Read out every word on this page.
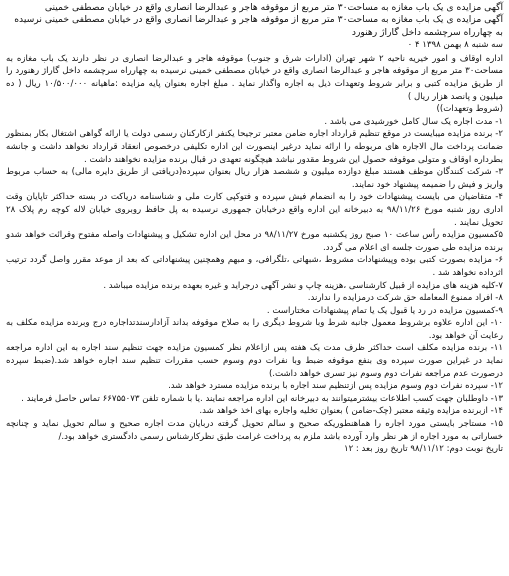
آگهی مزایده ی یک باب مغازه به مساحت۳۰ متر مربع از موقوفه هاجر و عبدالرضا انصاری واقع در خیابان مصطفی خمینی
آگهی مزایده ی یک باب مغازه به مساحت۳۰ متر مربع از موقوفه هاجر و عبدالرضا انصاری واقع در خیابان مصطفی خمینی نرسیده به چهارراه سرچشمه داخل گاراژ رهنورد
سه شنبه ۸ بهمن ۱۳۹۸ ۴ ۰

اداره اوقاف و امور خیریه ناحیه ۲ شهر تهران (ادارات شرق و جنوب) موقوفه هاجر و عبدالرضا انصاری در نظر دارند یک باب مغازه به مساحت۳۰ متر مربع از موقوفه هاجر و عبدالرضا انصاری واقع در خیابان مصطفی خمینی نرسیده به چهارراه سرچشمه داخل گاراژ رهنورد را از طریق مزایده کتبی و برابر شروط وتعهدات ذیل به اجاره واگذار نماید . مبلغ اجاره بعنوان پایه مزایده :ماهیانه ۱۰/۵۰۰/۰۰۰ ریال ( ده میلیون و پانصد هزار ریال )

(شروط وتعهدات))

۱- مدت اجاره یک سال کامل خورشیدی می باشد .
۲- برنده مزایده میبایست در موقع تنظیم قرارداد اجاره ضامن معتبر ترجیحا یکنفر ازکارکنان رسمی دولت یا ارائه گواهی اشتغال بکار بمنظور ضمانت پرداخت مال الاجاره های مربوطه را ارائه نماید درغیر اینصورت این اداره تکلیفی درخصوص انعقاد قرارداد نخواهد داشت و جانشه بطرداره اوقاف و متولی موقوفه حصول این شروط مقدور نباشد هیچگونه تعهدی در قبال برنده مزایده نخواهند داشت .
۳- شرکت کنندگان موظف هستند مبلغ دوازده میلیون و ششصد هزار ریال بعنوان سپرده(دریافتی از طریق دایره مالی) به حساب مربوط واریز و فیش را ضمیمه پیشنهاد خود نمایند.
۴- متقاضیان می بایست پیشنهادات خود را به انضمام فیش سپرده و فتوکپی کارت ملی و شناسنامه دریاکت در بسته حداکثر تاپایان وقت اداری روز شنبه مورخ ۹۸/۱۱/۲۶ به دبیرخانه این اداره واقع درخیابان جمهوری نرسیده به پل حافظ روبروی خیابان لاله کوچه رم پلاک ۲۸ تحویل نمایند .
۵کمسیون مزایده رأس ساعت ۱۰ صبح روز یکشنبه مورخ ۹۸/۱۱/۲۷ در محل این اداره تشکیل و پیشنهادات واصله مفتوح وقرائت خواهد شدو برنده مزایده طی صورت جلسه ای اعلام می گردد.
۶- مزایده بصورت کتبی بوده وپیشنهادات مشروط ،شبهاتی ،تلگرافی، و مبهم وهمچنین پیشنهاداتی که بعد از موعد مقرر واصل گردد ترتیب اثرداده نخواهد شد .
۷-کلیه هزینه های مزایده از قبیل کارشناسی ،هزینه چاپ و نشر آگهی درجراید و غیره بعهده برنده مزایده میباشد .
۸- افراد ممنوع المعامله حق شرکت درمزایده را ندارند.
۹-کمسیون مزایده در رد یا قبول یک یا تمام پیشنهادات مختاراست .
۱۰- این اداره علاوه برشروط معمول جانبه شرط وبا شروط دیگری را به صلاح موقوفه بداند آزادارسندتداجاره درج وبرنده مزایده مکلف به رعایت آن خواهد بود.
۱۱- برنده مزایده مکلف است حداکثر ظرف مدت یک هفته پس ازاعلام نظر کمسیون مزایده جهت تنظیم سند اجاره به این اداره مراجعه نماید در غیراین صورت سپرده وی بنفع موقوفه ضبط وبا نفرات دوم وسوم حسب مقررات تنظیم سند اجاره خواهد شد.(ضبط سپرده درصورت عدم مراجعه نفرات دوم وسوم نیز تسری خواهد داشت.)
۱۲- سپرده نفرات دوم وسوم مزایده پس ازتنظیم سند اجاره با برنده مزایده مسترد خواهد شد.
۱۳- داوطلبان جهت کسب اطلاعات بیشترمیتوانند به دبیرخانه این اداره مراجعه نمایند .یا با شماره تلفن ۶۶۷۵۵۰۷۳ تماس حاصل فرمایند .
۱۴- ازبرنده مزایده وثیقه معتبر (چک-ضامن ) بعنوان تخلیه واجاره بهای اخذ خواهد شد.
۱۵- مستاجر بایستی مورد اجاره را هماهنطوریکه صحیح و سالم تحویل گرفته دربایان مدت اجاره صحیح و سالم تحویل نماید و چنانچه خساراتی به مورد اجاره از هر نظر وارد آورده باشد ملزم به پرداخت غرامت طبق نظرکارشناس رسمی دادگستری خواهد بود./
تاریخ نوبت دوم: ۹۸/۱۱/۱۲ تاریخ روز بعد : ۱۲
